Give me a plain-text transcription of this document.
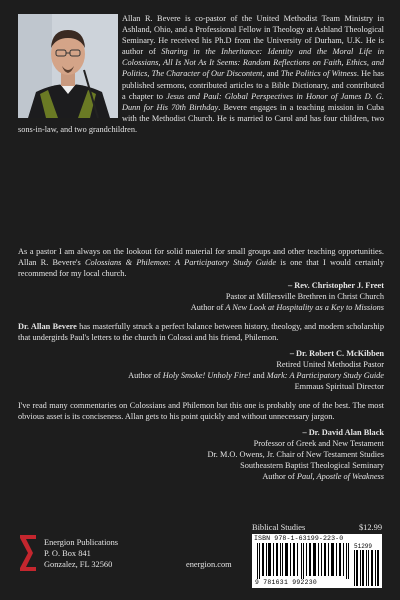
Allan R. Bevere is co-pastor of the United Methodist Team Ministry in Ashland, Ohio, and a Professional Fellow in Theology at Ashland Theological Seminary. He received his Ph.D from the University of Durham, U.K. He is author of Sharing in the Inheritance: Identity and the Moral Life in Colossians, All Is Not As It Seems: Random Reflections on Faith, Ethics, and Politics, The Character of Our Discontent, and The Politics of Witness. He has published sermons, contributed articles to a Bible Dictionary, and contributed a chapter to Jesus and Paul: Global Perspectives in Honor of James D. G. Dunn for His 70th Birthday. Bevere engages in a teaching mission in Cuba with the Methodist Church. He is married to Carol and has four children, two sons-in-law, and two grandchildren.

As a pastor I am always on the lookout for solid material for small groups and other teaching opportunities. Allan R. Bevere's Colossians & Philemon: A Participatory Study Guide is one that I would certainly recommend for my local church.

– Rev. Christopher J. Freet
Pastor at Millersville Brethren in Christ Church
Author of A New Look at Hospitality as a Key to Missions

Dr. Allan Bevere has masterfully struck a perfect balance between history, theology, and modern scholarship that undergirds Paul's letters to the church in Colossi and his friend, Philemon.

– Dr. Robert C. McKibben
Retired United Methodist Pastor
Author of Holy Smoke! Unholy Fire! and Mark: A Participatory Study Guide
Emmaus Spiritual Director

I've read many commentaries on Colossians and Philemon but this one is probably one of the best. The most obvious asset is its conciseness. Allan gets to his point quickly and without unnecessary jargon.

– Dr. David Alan Black
Professor of Greek and New Testament
Dr. M.O. Owens, Jr. Chair of New Testament Studies
Southeastern Baptist Theological Seminary
Author of Paul, Apostle of Weakness
Energion Publications
P. O. Box 841
Gonzalez, FL 32560	energion.com
Biblical Studies	$12.99
ISBN 978-1-63199-223-0
9 781631 992230
51299
